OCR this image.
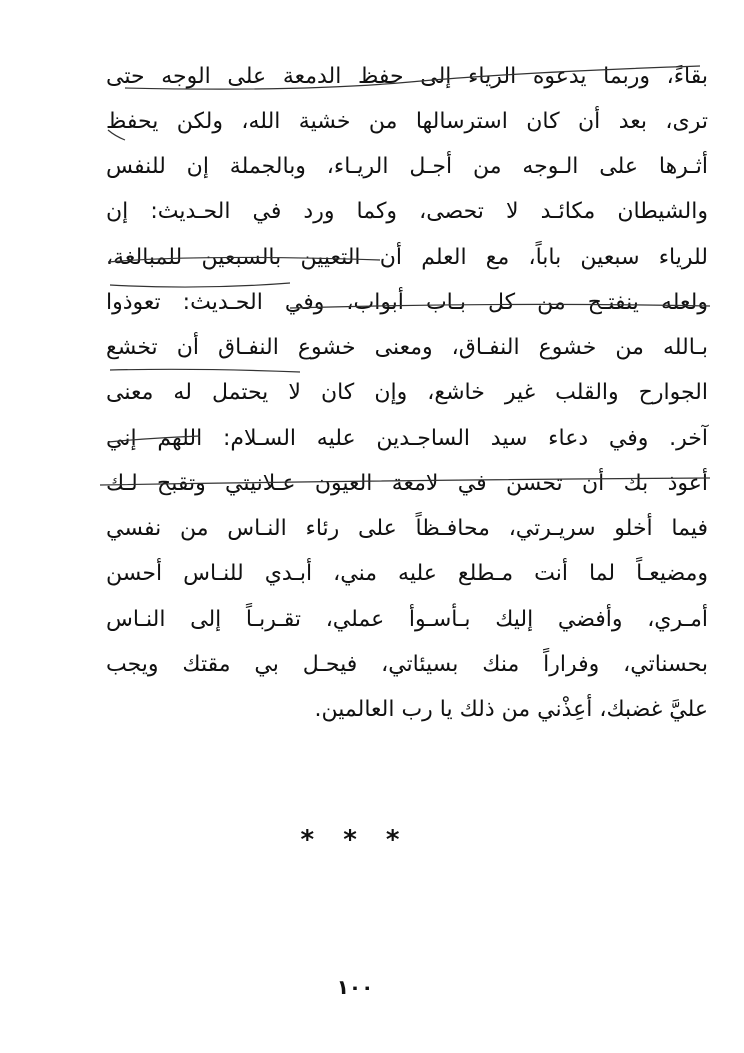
بقاءً، وربما يدعوه الرياء إلى حفظ الدمعة على الوجه حتى
ترى، بعد أن كان استرسالها من خشية الله، ولكن يحفظ
أثـرها على الـوجه من أجـل الريـاء، وبالجملة إن للنفس
والشيطان مكائـد لا تحصى، وكما ورد في الحـديث: إن
للرياء سبعين باباً، مع العلم أن التعيين بالسبعين للمبالغة،
ولعله ينفتـح من كل بـاب أبواب، وفي الحـديث: تعوذوا
بـالله من خشوع النفـاق، ومعنى خشوع النفـاق أن تخشع
الجوارح والقلب غير خاشع، وإن كان لا يحتمل له معنى
آخر. وفي دعاء سيد الساجـدين عليه السـلام: اللهم إني
أعوذ بك أن تحسن في لامعة العيون عـلانيتي وتقبح لـك
فيما أخلو سريـرتي، محافـظاً على رئاء النـاس من نفسي
ومضيعـاً لما أنت مـطلع عليه مني، أبـدي للنـاس أحسن
أمـري، وأفضي إليك بـأسـوأ عملي، تقـربـاً إلى النـاس
بحسناتي، وفراراً منك بسيئاتي، فيحـل بي مقتك ويجب
عليَّ غضبك، أعِذْني من ذلك يا رب العالمين.
* * *
١٠٠
